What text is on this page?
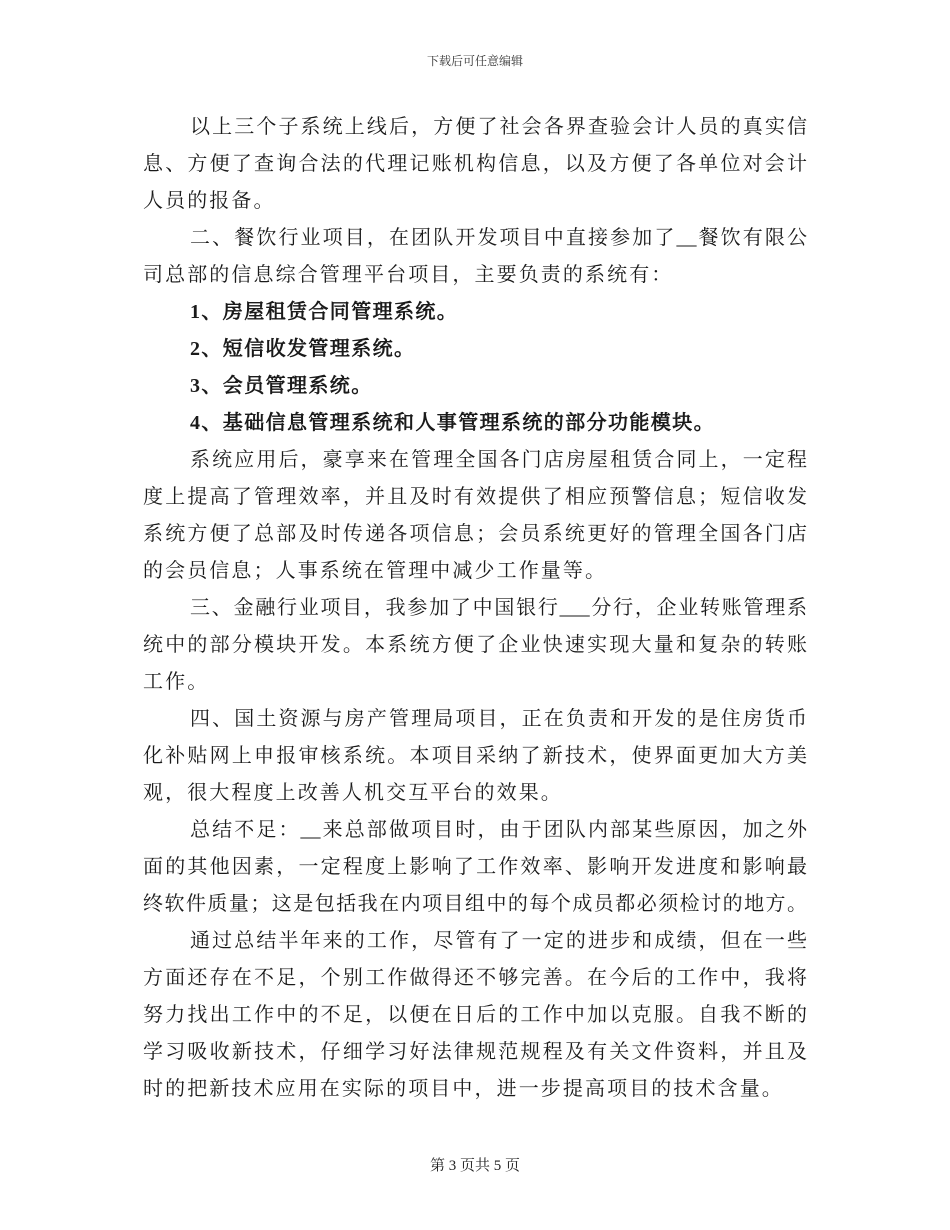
下载后可任意编辑
以上三个子系统上线后，方便了社会各界查验会计人员的真实信
息、方便了查询合法的代理记账机构信息，以及方便了各单位对会计
人员的报备。
二、餐饮行业项目，在团队开发项目中直接参加了__餐饮有限公
司总部的信息综合管理平台项目，主要负责的系统有：
1、房屋租赁合同管理系统。
2、短信收发管理系统。
3、会员管理系统。
4、基础信息管理系统和人事管理系统的部分功能模块。
系统应用后，豪享来在管理全国各门店房屋租赁合同上，一定程
度上提高了管理效率，并且及时有效提供了相应预警信息；短信收发
系统方便了总部及时传递各项信息；会员系统更好的管理全国各门店
的会员信息；人事系统在管理中减少工作量等。
三、金融行业项目，我参加了中国银行___分行，企业转账管理系
统中的部分模块开发。本系统方便了企业快速实现大量和复杂的转账
工作。
四、国土资源与房产管理局项目，正在负责和开发的是住房货币
化补贴网上申报审核系统。本项目采纳了新技术，使界面更加大方美
观，很大程度上改善人机交互平台的效果。
总结不足：__来总部做项目时，由于团队内部某些原因，加之外
面的其他因素，一定程度上影响了工作效率、影响开发进度和影响最
终软件质量；这是包括我在内项目组中的每个成员都必须检讨的地方。
通过总结半年来的工作，尽管有了一定的进步和成绩，但在一些
方面还存在不足，个别工作做得还不够完善。在今后的工作中，我将
努力找出工作中的不足，以便在日后的工作中加以克服。自我不断的
学习吸收新技术，仔细学习好法律规范规程及有关文件资料，并且及
时的把新技术应用在实际的项目中，进一步提高项目的技术含量。
第 3 页共 5 页
